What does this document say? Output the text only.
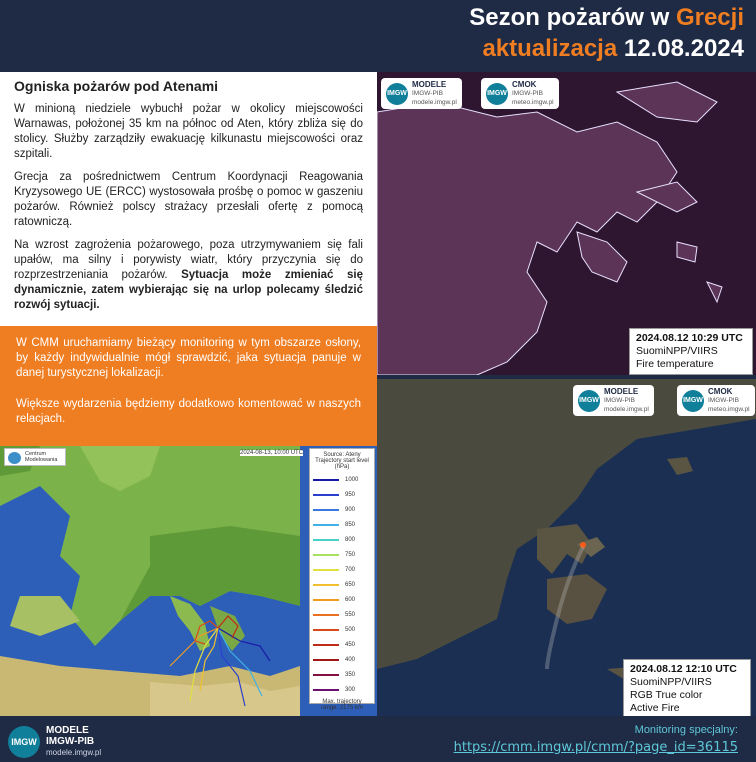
Sezon pożarów w Grecji
aktualizacja 12.08.2024
Ogniska pożarów pod Atenami

W minioną niedziele wybuchł pożar w okolicy miejscowości Warnawas, położonej 35 km na północ od Aten, który zbliża się do stolicy. Służby zarządziły ewakuację kilkunastu miejscowości oraz szpitali.

Grecja za pośrednictwem Centrum Koordynacji Reagowania Kryzysowego UE (ERCC) wystosowała prośbę o pomoc w gaszeniu pożarów. Również polscy strażacy przesłali ofertę z pomocą ratowniczą.

Na wzrost zagrożenia pożarowego, poza utrzymywaniem się fali upałów, ma silny i porywisty wiatr, który przyczynia się do rozprzestrzeniania pożarów. Sytuacja może zmieniać się dynamicznie, zatem wybierając się na urlop polecamy śledzić rozwój sytuacji.

W CMM uruchamiamy bieżący monitoring w tym obszarze osłony, by każdy indywidualnie mógł sprawdzić, jaka sytuacja panuje w danej turystycznej lokalizacji.

Większe wydarzenia będziemy dodatkowo komentować w naszych relacjach.

Centrum Modelowania
Source: Ateny
Trajectory start level (hPa)
1000
950
900
850
800
750
700
650
600
550
500
450
400
350
300
Max. trajectory range: 2175 km
2024-08-13, 10:00 UTC
IMGW
MODELE
IMGW-PIB
modele.imgw.pl
IMGW
CMOK
IMGW-PIB
meteo.imgw.pl
2024.08.12 10:29 UTC
SuomiNPP/VIIRS
Fire temperature
IMGW
MODELE
IMGW-PIB
modele.imgw.pl
IMGW
CMOK
IMGW-PIB
meteo.imgw.pl
2024.08.12 12:10 UTC
SuomiNPP/VIIRS
RGB True color
Active Fire
IMGW
MODELE
IMGW-PIB
modele.imgw.pl
Monitoring specjalny:
https://cmm.imgw.pl/cmm/?page_id=36115
